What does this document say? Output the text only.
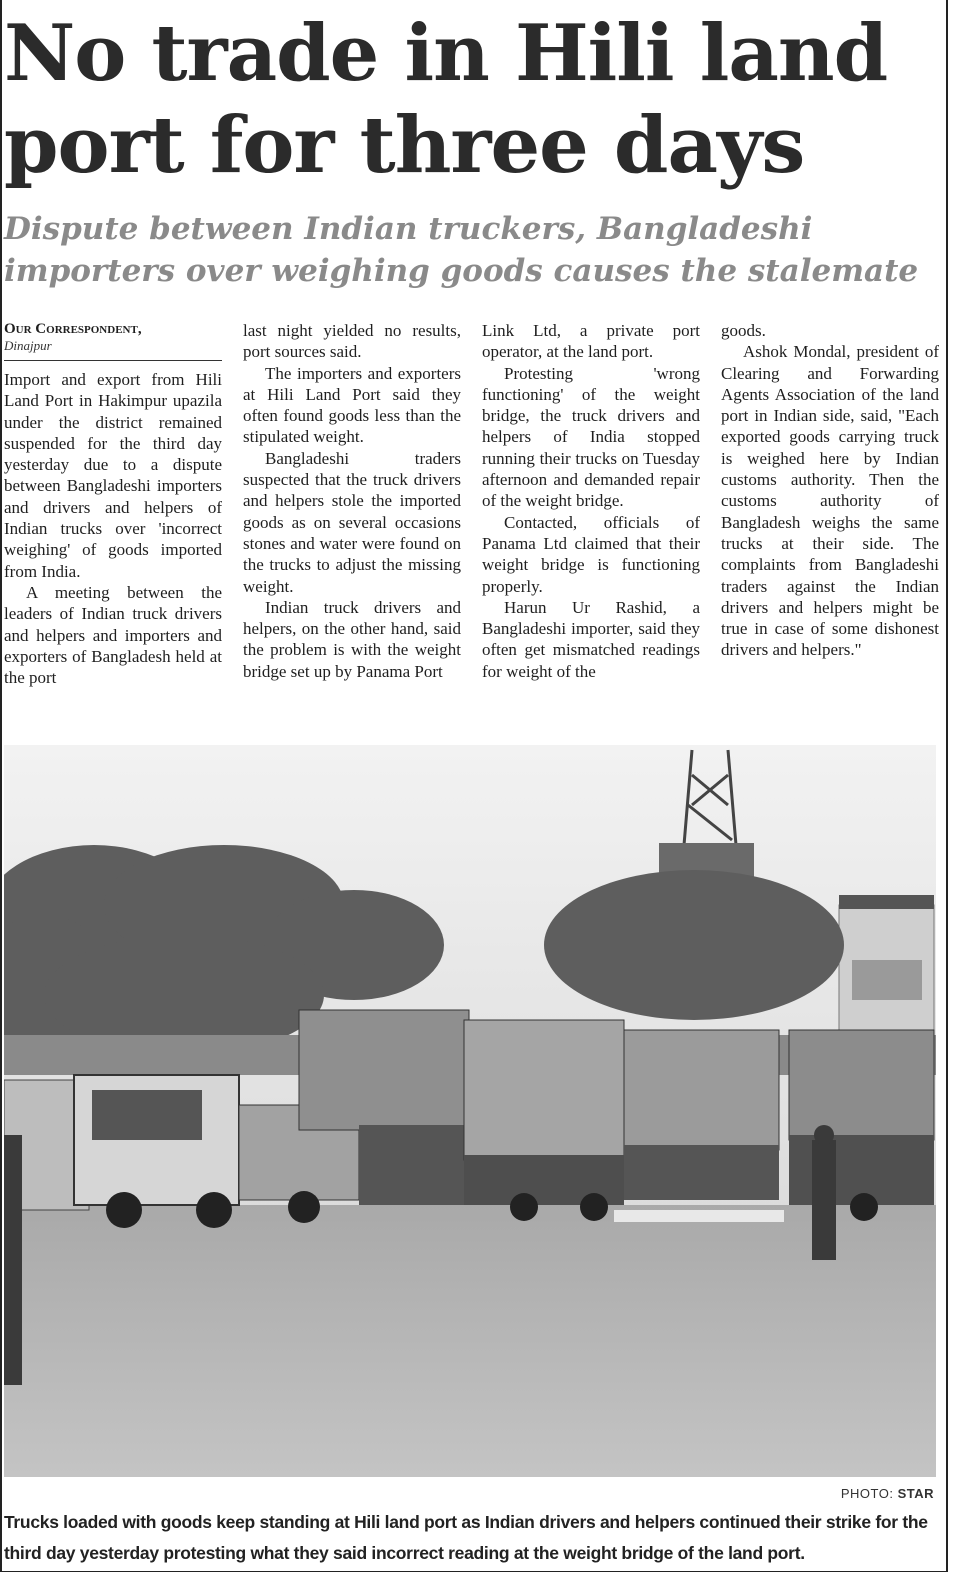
No trade in Hili land port for three days
Dispute between Indian truckers, Bangladeshi importers over weighing goods causes the stalemate
Our Correspondent,
Dinajpur

Import and export from Hili Land Port in Hakimpur upazila under the district remained suspended for the third day yesterday due to a dispute between Bangladeshi importers and drivers and helpers of Indian trucks over 'incorrect weighing' of goods imported from India.

A meeting between the leaders of Indian truck drivers and helpers and importers and exporters of Bangladesh held at the port

last night yielded no results, port sources said.

The importers and exporters at Hili Land Port said they often found goods less than the stipulated weight.

Bangladeshi traders suspected that the truck drivers and helpers stole the imported goods as on several occasions stones and water were found on the trucks to adjust the missing weight.

Indian truck drivers and helpers, on the other hand, said the problem is with the weight bridge set up by Panama Port

Link Ltd, a private port operator, at the land port.

Protesting 'wrong functioning' of the weight bridge, the truck drivers and helpers of India stopped running their trucks on Tuesday afternoon and demanded repair of the weight bridge.

Contacted, officials of Panama Ltd claimed that their weight bridge is functioning properly.

Harun Ur Rashid, a Bangladeshi importer, said they often get mismatched readings for weight of the

goods.

Ashok Mondal, president of Clearing and Forwarding Agents Association of the land port in Indian side, said, "Each exported goods carrying truck is weighed here by Indian customs authority. Then the customs authority of Bangladesh weighs the same trucks at their side. The complaints from Bangladeshi traders against the Indian drivers and helpers might be true in case of some dishonest drivers and helpers."

PHOTO: STAR
Trucks loaded with goods keep standing at Hili land port as Indian drivers and helpers continued their strike for the third day yesterday protesting what they said incorrect reading at the weight bridge of the land port.
